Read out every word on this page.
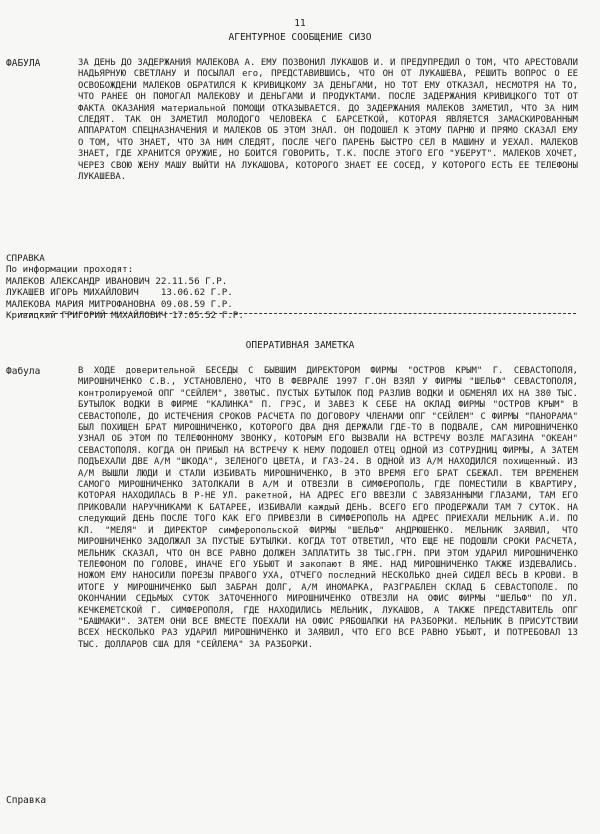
11
АГЕНТУРНОЕ СООБЩЕНИЕ СИЗО
ФАБУЛА	ЗА ДЕНЬ ДО ЗАДЕРЖАНИЯ МАЛЕКОВА А. ЕМУ ПОЗВОНИЛ ЛУКАШОВ И. И ПРЕДУПРЕДИЛ О ТОМ, ЧТО АРЕСТОВАЛИ НАДЬЯРНУЮ СВЕТЛАНУ И ПОСЫЛАЛ его, ПРЕДСТАВИВШИСЬ, ЧТО ОН ОТ ЛУКАШЕВА, РЕШИТЬ ВОПРОС О ЕЕ ОСВОБОЖДЕНИ МАЛЕКОВ ОБРАТИЛСЯ К КРИВИЦКОМУ ЗА ДЕНЬГАМИ, НО ТОТ ЕМУ ОТКАЗАЛ, НЕСМОТРЯ НА ТО, ЧТО РАНЕЕ ОН ПОМОГАЛ МАЛЕКОВУ И ДЕНЬГАМИ И ПРОДУКТАМИ. ПОСЛЕ ЗАДЕРЖАНИЯ КРИВИЦКОГО ТОТ ОТ ФАКТА ОКАЗАНИЯ материальной ПОМОЩИ ОТКАЗЫВАЕТСЯ. ДО ЗАДЕРЖАНИЯ МАЛЕКОВ ЗАМЕТИЛ, ЧТО ЗА НИМ СЛЕДЯТ. ТАК ОН ЗАМЕТИЛ МОЛОДОГО ЧЕЛОВЕКА С БАРСЕТКОЙ, КОТОРАЯ ЯВЛЯЕТСЯ ЗАМАСКИРОВАННЫМ АППАРАТОМ СПЕЦНАЗНАЧЕНИЯ И МАЛЕКОВ ОБ ЭТОМ ЗНАЛ. ОН ПОДОШЕЛ К ЭТОМУ ПАРНЮ И ПРЯМО СКАЗАЛ ЕМУ О ТОМ, ЧТО ЗНАЕТ, ЧТО ЗА НИМ СЛЕДЯТ, ПОСЛЕ ЧЕГО ПАРЕНЬ БЫСТРО СЕЛ В МАШИНУ И УЕХАЛ. МАЛЕКОВ ЗНАЕТ, ГДЕ ХРАНИТСЯ ОРУЖИЕ, НО БОИТСЯ ГОВОРИТЬ, Т.К. ПОСЛЕ ЭТОГО ЕГО "УБЕРУТ". МАЛЕКОВ ХОЧЕТ, ЧЕРЕЗ СВОЮ ЖЕНУ МАШУ ВЫЙТИ НА ЛУКАШОВА, КОТОРОГО ЗНАЕТ ЕЕ СОСЕД, У КОТОРОГО ЕСТЬ ЕЕ ТЕЛЕФОНЫ ЛУКАШЕВА.
СПРАВКА
По информации проходят:
МАЛЕКОВ АЛЕКСАНДР ИВАНОВИЧ 22.11.56 Г.Р.
ЛУКАШЕВ ИГОРЬ МИХАЙЛОВИЧ    13.06.62 Г.Р.
МАЛЕКОВА МАРИЯ МИТРОФАНОВНА 09.08.59 Г.Р.
Кривицкий ГРИГОРИЙ МИХАЙЛОВИЧ 17.05.52 Г.Р.
ОПЕРАТИВНАЯ ЗАМЕТКА
Фабула	В ХОДЕ доверительной БЕСЕДЫ С БЫВШИМ ДИРЕКТОРОМ ФИРМЫ "ОСТРОВ КРЫМ" Г. СЕВАСТОПОЛЯ, МИРОШНИЧЕНКО С.В., УСТАНОВЛЕНО, ЧТО В ФЕВРАЛЕ 1997 Г.ОН ВЗЯЛ У ФИРМЫ "ШЕЛЬФ" СЕВАСТОПОЛЯ, контролируемой ОПГ "СЕЙЛЕМ", 380ТЫС. ПУСТЫХ БУТЫЛОК ПОД РАЗЛИВ ВОДКИ И ОБМЕНЯЛ ИХ НА 380 ТЫС. БУТЫЛОК ВОДКИ В ФИРМЕ "КАЛИНКА" П. ГРЭС, И ЗАВЕЗ К СЕБЕ НА ОКЛАД ФИРМЫ "ОСТРОВ КРЫМ" В СЕВАСТОПОЛЕ, ДО ИСТЕЧЕНИЯ СРОКОВ РАСЧЕТА ПО ДОГОВОРУ ЧЛЕНАМИ ОПГ "СЕЙЛЕМ" С ФИРМЫ "ПАНОРАМА" БЫЛ ПОХИЩЕН БРАТ МИРОШНИЧЕНКО, КОТОРОГО ДВА ДНЯ ДЕРЖАЛИ ГДЕ-ТО В ПОДВАЛЕ, САМ МИРОШНИЧЕНКО УЗНАЛ ОБ ЭТОМ ПО ТЕЛЕФОННОМУ ЗВОНКУ, КОТОРЫМ ЕГО ВЫЗВАЛИ НА ВСТРЕЧУ ВОЗЛЕ МАГАЗИНА "ОКЕАН" СЕВАСТОПОЛЯ. КОГДА ОН ПРИБЫЛ НА ВСТРЕЧУ К НЕМУ ПОДОШЕЛ ОТЕЦ ОДНОЙ ИЗ СОТРУДНИЦ ФИРМЫ, А ЗАТЕМ ПОДЪЕХАЛИ ДВЕ А/М "ШКОДА", ЗЕЛЕНОГО ЦВЕТА, И ГАЗ-24. В ОДНОЙ ИЗ А/М НАХОДИЛСЯ похищенный. ИЗ А/М ВЫШЛИ ЛЮДИ И СТАЛИ ИЗБИВАТЬ МИРОШНИЧЕНКО, В ЭТО ВРЕМЯ ЕГО БРАТ СБЕЖАЛ. ТЕМ ВРЕМЕНЕМ САМОГО МИРОШНИЧЕНКО ЗАТОЛКАЛИ В А/М И ОТВЕЗЛИ В СИМФЕРОПОЛЬ, ГДЕ ПОМЕСТИЛИ В КВАРТИРУ, КОТОРАЯ НАХОДИЛАСЬ В Р-НЕ УЛ. ракетной, НА АДРЕС ЕГО ВВЕЗЛИ С ЗАВЯЗАННЫМИ ГЛАЗАМИ, ТАМ ЕГО ПРИКОВАЛИ НАРУЧНИКАМИ К БАТАРЕЕ, ИЗБИВАЛИ каждый ДЕНЬ. ВСЕГО ЕГО ПРОДЕРЖАЛИ ТАМ 7 СУТОК. НА следующий ДЕНЬ ПОСЛЕ ТОГО КАК ЕГО ПРИВЕЗЛИ В СИМФЕРОПОЛЬ НА АДРЕС ПРИЕХАЛИ МЕЛЬНИК А.И. ПО КЛ. "МЕЛЯ" И ДИРЕКТОР симферопольской ФИРМЫ "ШЕЛЬФ" АНДРЮШЕНКО. МЕЛЬНИК ЗАЯВИЛ, ЧТО МИРОШНИЧЕНКО ЗАДОЛЖАЛ ЗА ПУСТЫЕ БУТЫЛКИ. КОГДА ТОТ ОТВЕТИЛ, ЧТО ЕЩЕ НЕ ПОДОШЛИ СРОКИ РАСЧЕТА, МЕЛЬНИК СКАЗАЛ, ЧТО ОН ВСЕ РАВНО ДОЛЖЕН ЗАПЛАТИТЬ 38 ТЫС.ГРН. ПРИ ЭТОМ УДАРИЛ МИРОШНИЧЕНКО ТЕЛЕФОНОМ ПО ГОЛОВЕ, ИНАЧЕ ЕГО УБЬЮТ И закопают В ЯМЕ. НАД МИРОШНИЧЕНКО ТАКЖЕ ИЗДЕВАЛИСЬ. НОЖОМ ЕМУ НАНОСИЛИ ПОРЕЗЫ ПРАВОГО УХА, ОТЧЕГО последний НЕСКОЛЬКО дней СИДЕЛ ВЕСЬ В КРОВИ. В ИТОГЕ У МИРОШНИЧЕНКО БЫЛ ЗАБРАН ДОЛГ, А/М ИНОМАРКА, РАЗГРАБЛЕН СКЛАД Б СЕВАСТОПОЛЕ. ПО ОКОНЧАНИИ СЕДЬМЫХ СУТОК ЗАТОЧЕННОГО МИРОШНИЧЕНКО ОТВЕЗЛИ НА ОФИС ФИРМЫ "ШЕЛЬФ" ПО УЛ. КЕЧКЕМЕТСКОЙ Г. СИМФЕРОПОЛЯ, ГДЕ НАХОДИЛИСЬ МЕЛЬНИК, ЛУКАШОВ, А ТАКЖЕ ПРЕДСТАВИТЕЛЬ ОПГ "БАШМАКИ". ЗАТЕМ ОНИ ВСЕ ВМЕСТЕ ПОЕХАЛИ НА ОФИС РЯБОШАПКИ НА РАЗБОРКИ. МЕЛЬНИК В ПРИСУТСТВИИ ВСЕХ НЕСКОЛЬКО РАЗ УДАРИЛ МИРОШНИЧЕНКО И ЗАЯВИЛ, ЧТО ЕГО ВСЕ РАВНО УБЬЮТ, И ПОТРЕБОВАЛ 13 ТЫС. ДОЛЛАРОВ США ДЛЯ "СЕЙЛЕМА" ЗА РАЗБОРКИ.
Справка
